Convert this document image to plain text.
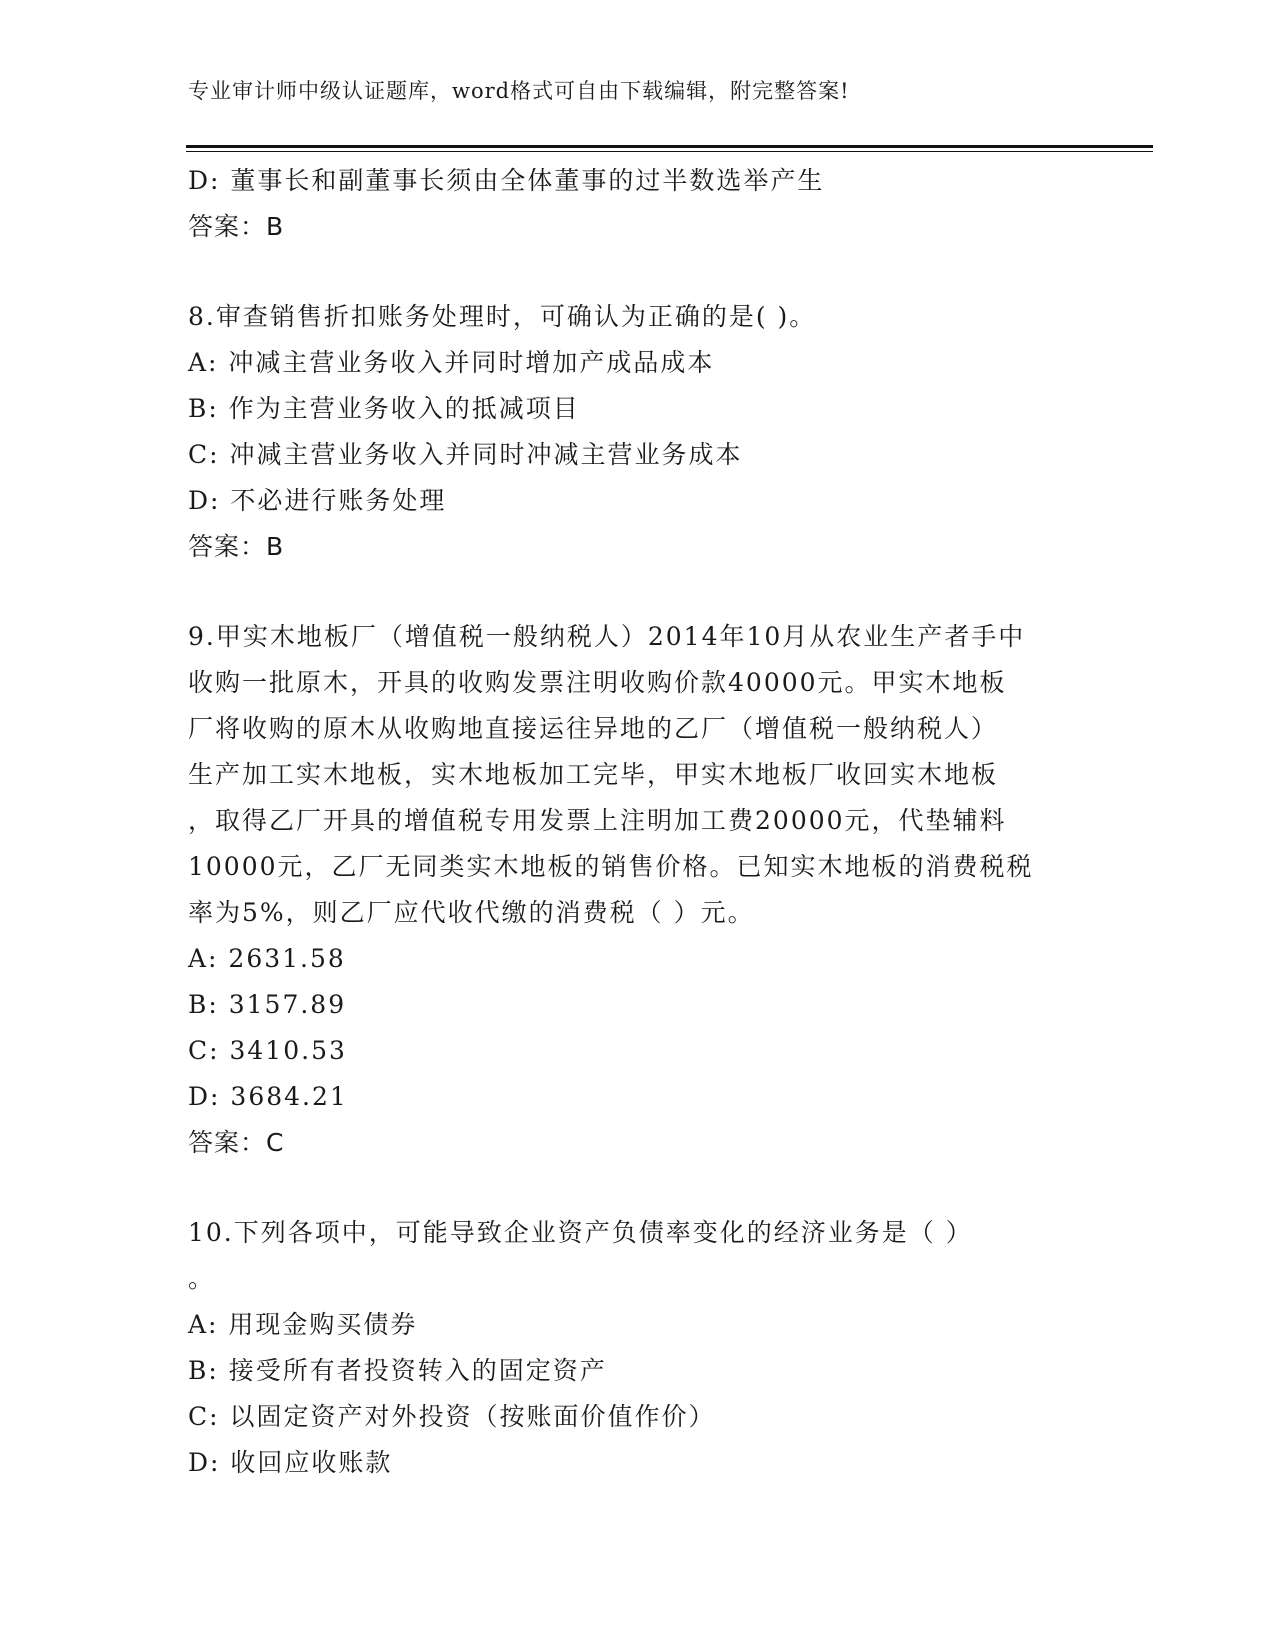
专业审计师中级认证题库，word格式可自由下载编辑，附完整答案!
D: 董事长和副董事长须由全体董事的过半数选举产生
答案：B
8.审查销售折扣账务处理时，可确认为正确的是( )。
A: 冲减主营业务收入并同时增加产成品成本
B: 作为主营业务收入的抵减项目
C: 冲减主营业务收入并同时冲减主营业务成本
D: 不必进行账务处理
答案：B
9.甲实木地板厂（增值税一般纳税人）2014年10月从农业生产者手中
收购一批原木，开具的收购发票注明收购价款40000元。甲实木地板
厂将收购的原木从收购地直接运往异地的乙厂（增值税一般纳税人）
生产加工实木地板，实木地板加工完毕，甲实木地板厂收回实木地板
，取得乙厂开具的增值税专用发票上注明加工费20000元，代垫辅料
10000元，乙厂无同类实木地板的销售价格。已知实木地板的消费税税
率为5%，则乙厂应代收代缴的消费税（ ）元。
A: 2631.58
B: 3157.89
C: 3410.53
D: 3684.21
答案：C
10.下列各项中，可能导致企业资产负债率变化的经济业务是（ ）
。
A: 用现金购买债券
B: 接受所有者投资转入的固定资产
C: 以固定资产对外投资（按账面价值作价）
D: 收回应收账款
